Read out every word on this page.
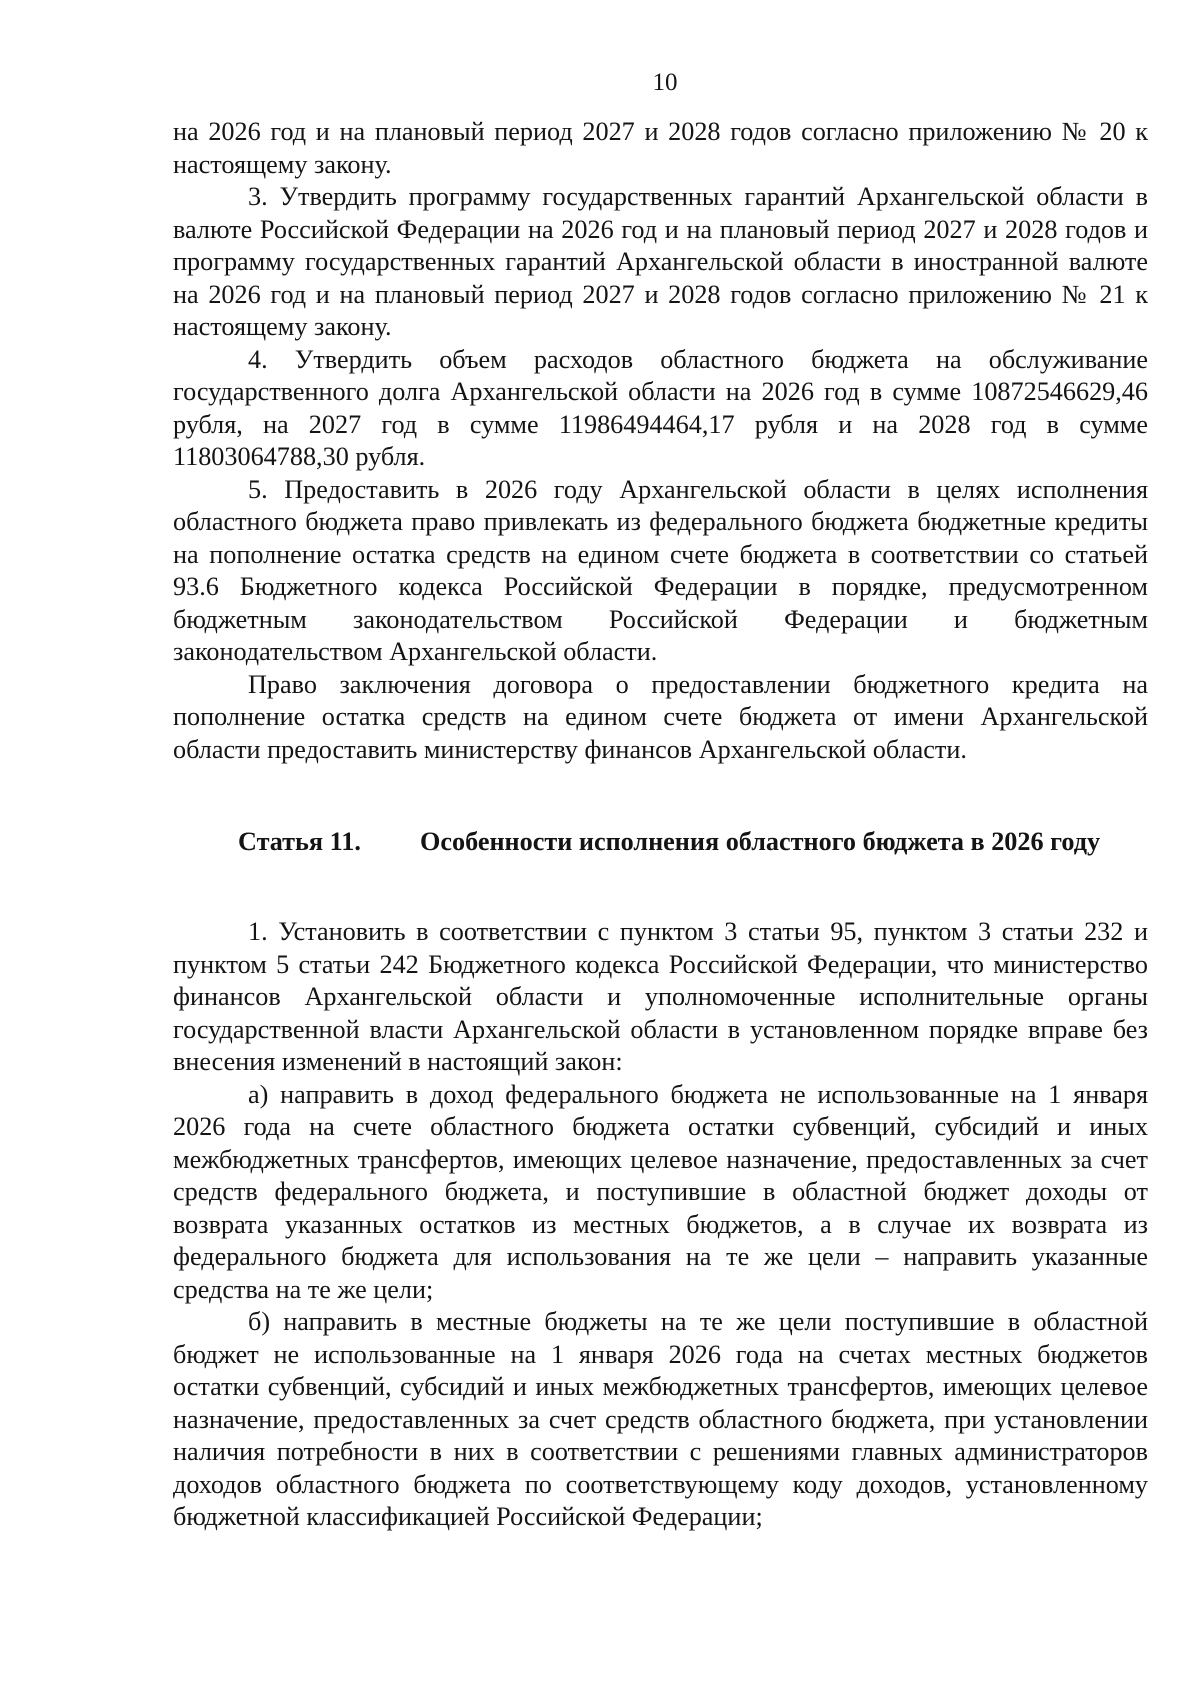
10

на 2026 год и на плановый период 2027 и 2028 годов согласно приложению № 20 к настоящему закону.

3. Утвердить программу государственных гарантий Архангельской области в валюте Российской Федерации на 2026 год и на плановый период 2027 и 2028 годов и программу государственных гарантий Архангельской области в иностранной валюте на 2026 год и на плановый период 2027 и 2028 годов согласно приложению № 21 к настоящему закону.

4. Утвердить объем расходов областного бюджета на обслуживание государственного долга Архангельской области на 2026 год в сумме 10872546629,46 рубля, на 2027 год в сумме 11986494464,17 рубля и на 2028 год в сумме 11803064788,30 рубля.

5. Предоставить в 2026 году Архангельской области в целях исполнения областного бюджета право привлекать из федерального бюджета бюджетные кредиты на пополнение остатка средств на едином счете бюджета в соответствии со статьей 93.6 Бюджетного кодекса Российской Федерации в порядке, предусмотренном бюджетным законодательством Российской Федерации и бюджетным законодательством Архангельской области.

Право заключения договора о предоставлении бюджетного кредита на пополнение остатка средств на едином счете бюджета от имени Архангельской области предоставить министерству финансов Архангельской области.

Статья 11. Особенности исполнения областного бюджета в 2026 году

1. Установить в соответствии с пунктом 3 статьи 95, пунктом 3 статьи 232 и пунктом 5 статьи 242 Бюджетного кодекса Российской Федерации, что министерство финансов Архангельской области и уполномоченные исполнительные органы государственной власти Архангельской области в установленном порядке вправе без внесения изменений в настоящий закон:

а) направить в доход федерального бюджета не использованные на 1 января 2026 года на счете областного бюджета остатки субвенций, субсидий и иных межбюджетных трансфертов, имеющих целевое назначение, предоставленных за счет средств федерального бюджета, и поступившие в областной бюджет доходы от возврата указанных остатков из местных бюджетов, а в случае их возврата из федерального бюджета для использования на те же цели – направить указанные средства на те же цели;

б) направить в местные бюджеты на те же цели поступившие в областной бюджет не использованные на 1 января 2026 года на счетах местных бюджетов остатки субвенций, субсидий и иных межбюджетных трансфертов, имеющих целевое назначение, предоставленных за счет средств областного бюджета, при установлении наличия потребности в них в соответствии с решениями главных администраторов доходов областного бюджета по соответствующему коду доходов, установленному бюджетной классификацией Российской Федерации;
